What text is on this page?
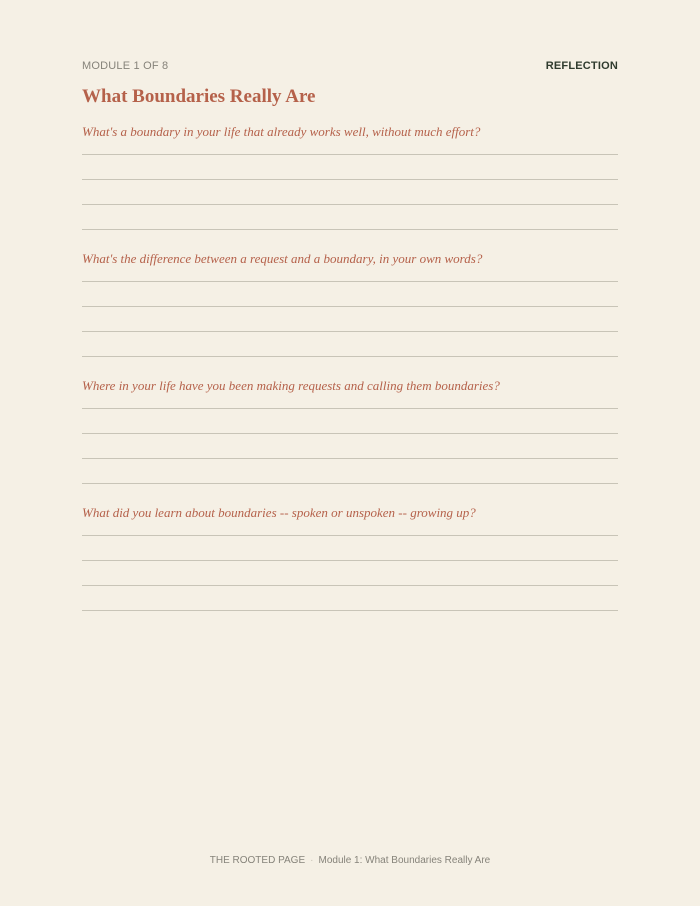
MODULE 1 OF 8	REFLECTION
What Boundaries Really Are

What's a boundary in your life that already works well, without much effort?

What's the difference between a request and a boundary, in your own words?

Where in your life have you been making requests and calling them boundaries?

What did you learn about boundaries -- spoken or unspoken -- growing up?

THE ROOTED PAGE · Module 1: What Boundaries Really Are
